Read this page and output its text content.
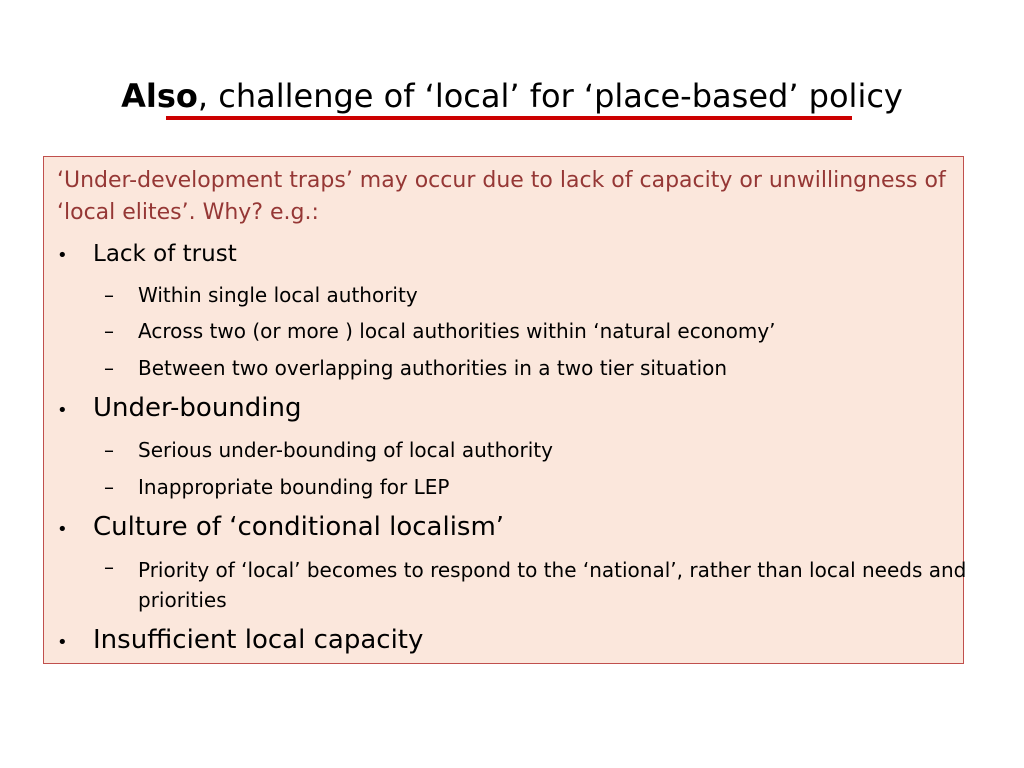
Also, challenge of ‘local’ for ‘place-based’ policy
‘Under-development traps’ may occur due to lack of capacity or unwillingness of ‘local elites’. Why? e.g.:
• Lack of trust
– Within single local authority
– Across two (or more ) local authorities within ‘natural economy’
– Between two overlapping authorities in a two tier situation
• Under-bounding
– Serious under-bounding of local authority
– Inappropriate bounding for LEP
• Culture of ‘conditional localism’
– Priority of ‘local’ becomes to respond to the ‘national’, rather than local needs and priorities
• Insufficient local capacity
